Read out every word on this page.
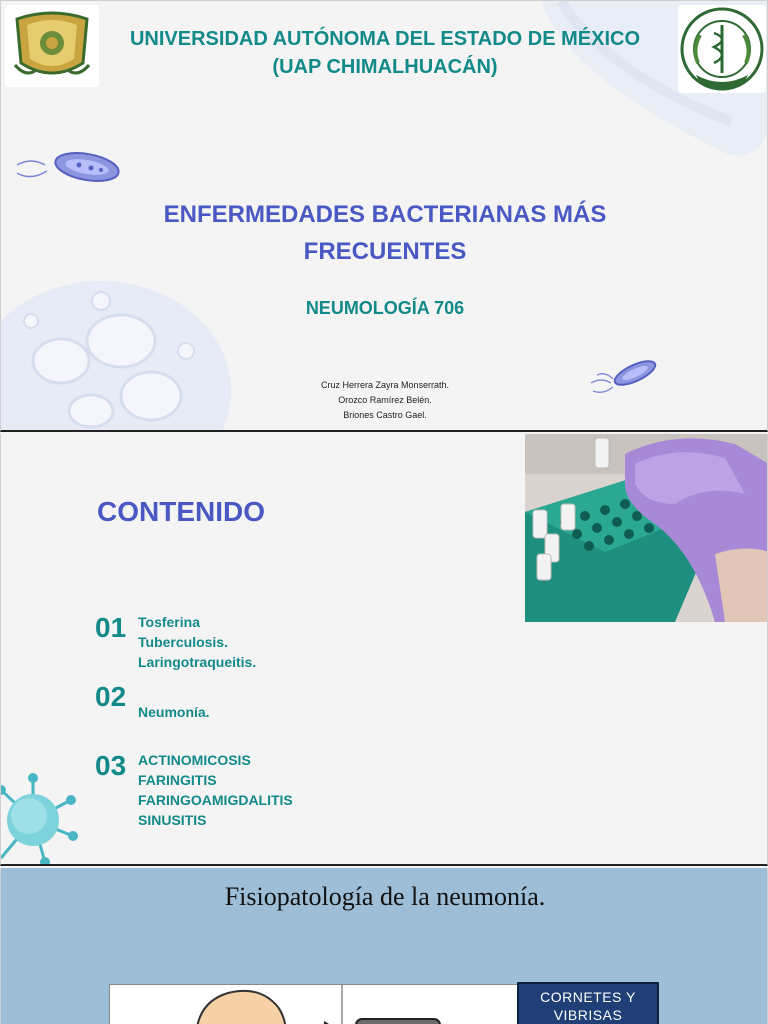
UNIVERSIDAD AUTÓNOMA DEL ESTADO DE MÉXICO
(UAP CHIMALHUACÁN)
ENFERMEDADES BACTERIANAS MÁS
FRECUENTES
NEUMOLOGÍA 706
Cruz Herrera Zayra Monserrath.
Orozco Ramírez Belén.
Briones Castro Gael.
CONTENIDO
01 Tosferina
Tuberculosis.
Laringotraqueitis.
02 Neumonía.
03 ACTINOMICOSIS
FARINGITIS
FARINGOAMIGDALITIS
SINUSITIS
Fisiopatología de la neumonía.
CORNETES Y
VIBRISAS
